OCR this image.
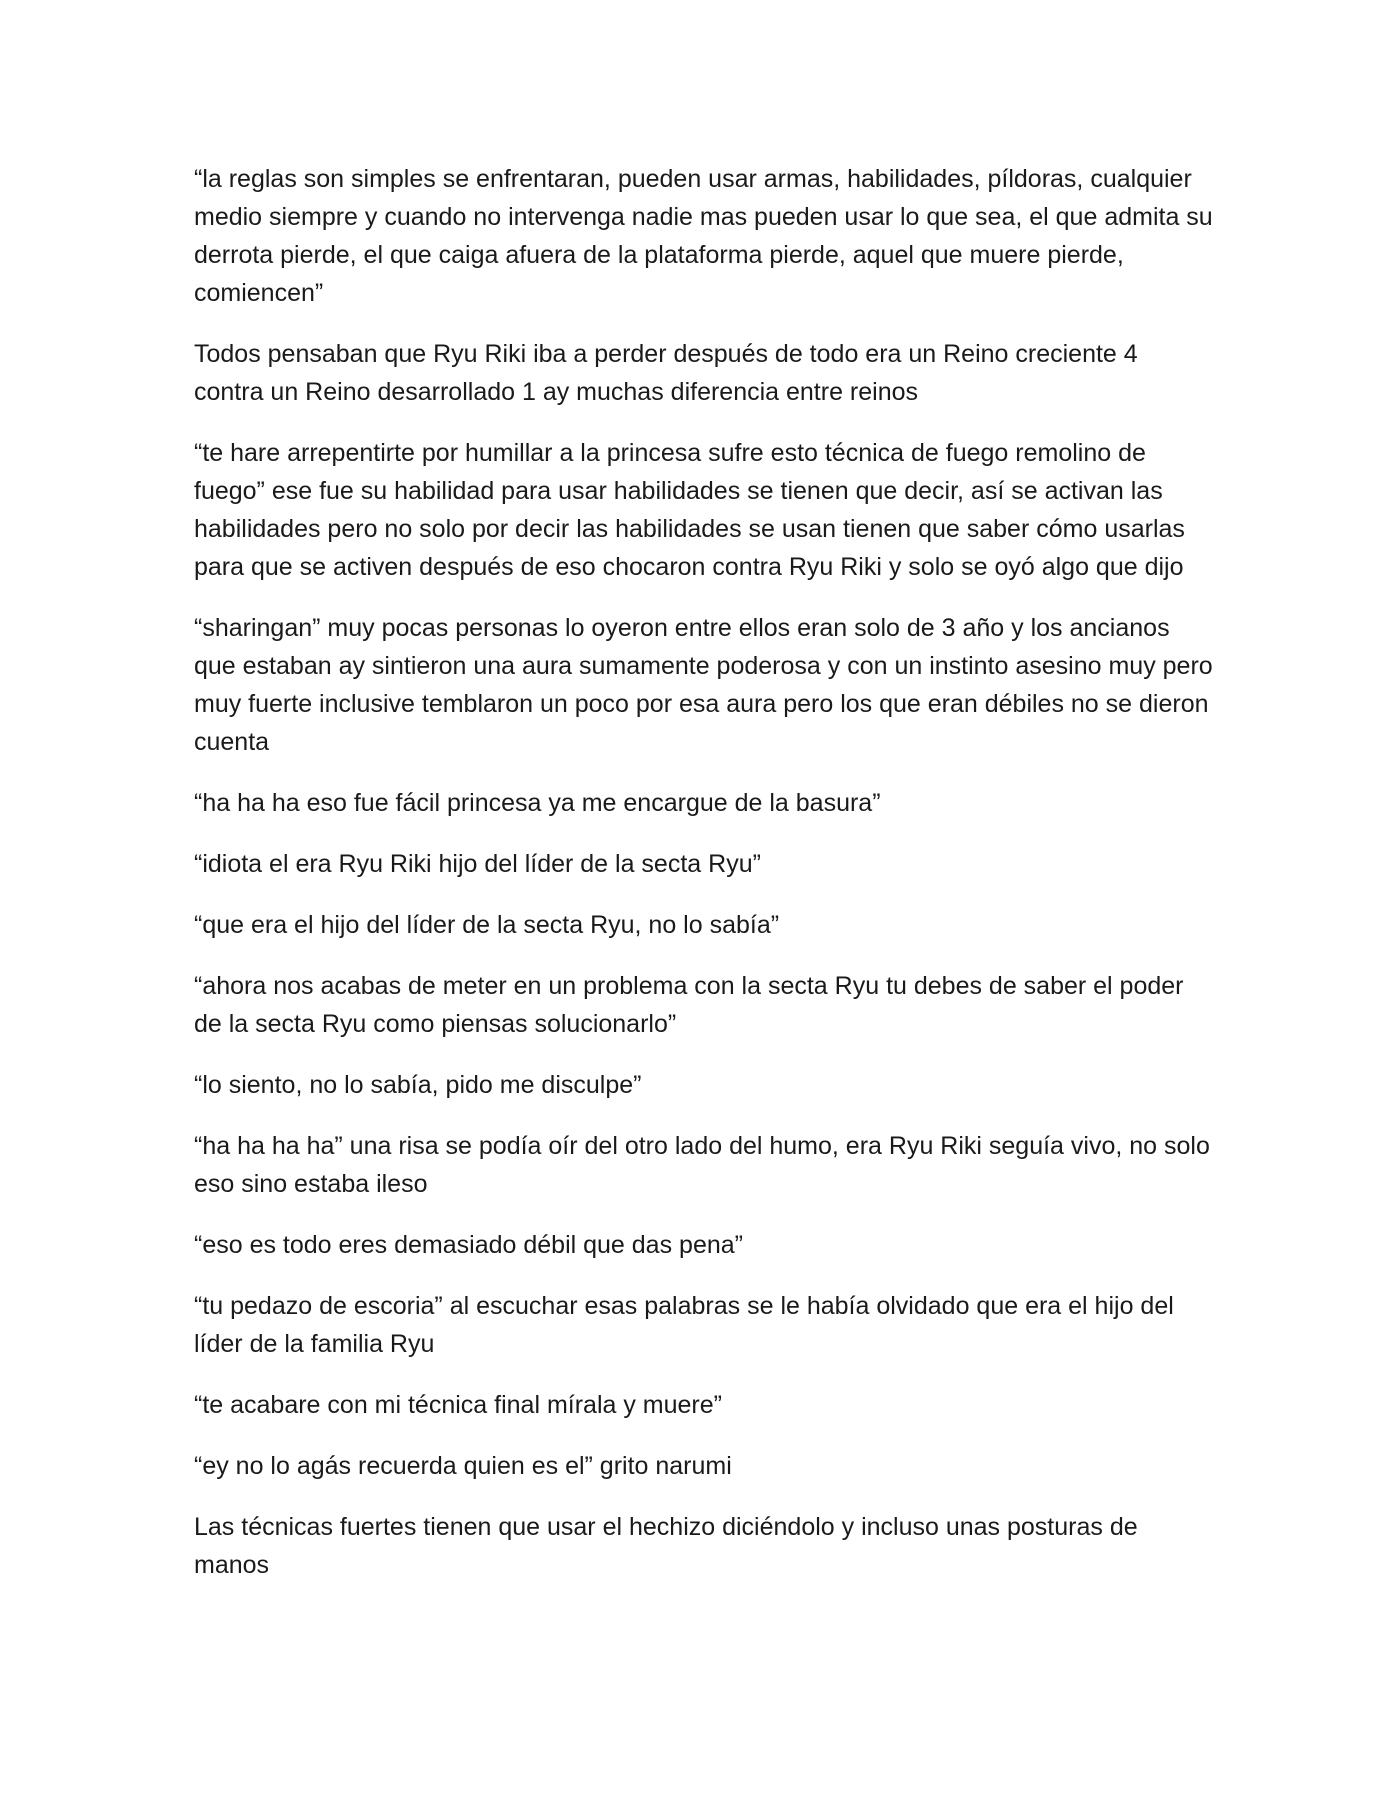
“la reglas son simples se enfrentaran, pueden usar armas, habilidades, píldoras, cualquier medio siempre y cuando no intervenga nadie mas pueden usar lo que sea, el que admita su derrota pierde, el que caiga afuera de la plataforma pierde, aquel que muere pierde, comiencen”

Todos pensaban que Ryu Riki iba a perder después de todo era un Reino creciente 4 contra un Reino desarrollado 1 ay muchas diferencia entre reinos

“te hare arrepentirte por humillar a la princesa sufre esto técnica de fuego remolino de fuego” ese fue su habilidad para usar habilidades se tienen que decir, así se activan las habilidades pero no solo por decir las habilidades se usan tienen que saber cómo usarlas para que se activen después de eso chocaron contra Ryu Riki y solo se oyó algo que dijo

“sharingan” muy pocas personas lo oyeron entre ellos eran solo de 3 año y los ancianos que estaban ay sintieron una aura sumamente poderosa y con un instinto asesino muy pero muy fuerte inclusive temblaron un poco por esa aura pero los que eran débiles no se dieron cuenta

“ha ha ha eso fue fácil princesa ya me encargue de la basura”

“idiota el era Ryu Riki hijo del líder de la secta Ryu”

“que era el hijo del líder de la secta Ryu, no lo sabía”

“ahora nos acabas de meter en un problema con la secta Ryu tu debes de saber el poder de la secta Ryu como piensas solucionarlo”

“lo siento, no lo sabía, pido me disculpe”

“ha ha ha ha” una risa se podía oír del otro lado del humo, era Ryu Riki seguía vivo, no solo eso sino estaba ileso

“eso es todo eres demasiado débil que das pena”

“tu pedazo de escoria” al escuchar esas palabras se le había olvidado que era el hijo del líder de la familia Ryu

“te acabare con mi técnica final mírala y muere”

“ey no lo agás recuerda quien es el” grito narumi

Las técnicas fuertes tienen que usar el hechizo diciéndolo y incluso unas posturas de manos
